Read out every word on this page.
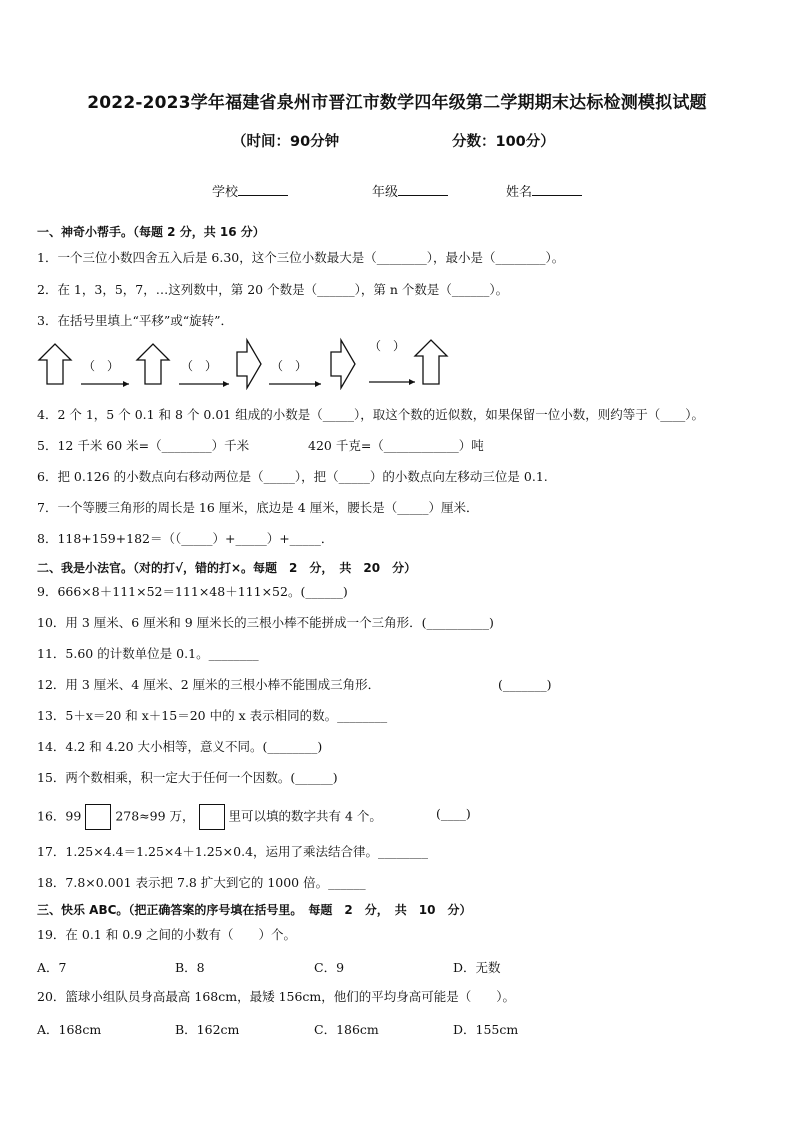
2022-2023学年福建省泉州市晋江市数学四年级第二学期期末达标检测模拟试题
（时间：90分钟	分数：100分）
学校	年级	姓名
一、神奇小帮手。（每题 2 分，共 16 分）
1．一个三位小数四舍五入后是 6.30，这个三位小数最大是（________），最小是（________）。
2．在 1，3，5，7，…这列数中，第 20 个数是（______），第 n 个数是（______）。
3．在括号里填上“平移”或“旋转”．
（　）	（　）	（　）
（　）
4．2 个 1，5 个 0.1 和 8 个 0.01 组成的小数是（_____），取这个数的近似数，如果保留一位小数，则约等于（____）。
5．12 千米 60 米=（________）千米	420 千克=（____________）吨
6．把 0.126 的小数点向右移动两位是（_____），把（_____）的小数点向左移动三位是 0.1.
7．一个等腰三角形的周长是 16 厘米，底边是 4 厘米，腰长是（_____）厘米．
8．118+159+182＝（（_____）+_____）+_____．
二、我是小法官。（对的打√，错的打×。每题　2　分，　共　20　分）
9．666×8＋111×52＝111×48＋111×52。(______)
10．用 3 厘米、6 厘米和 9 厘米长的三根小棒不能拼成一个三角形．(__________)
11．5.60 的计数单位是 0.1。________
12．用 3 厘米、4 厘米、2 厘米的三根小棒不能围成三角形．	(_______)
13．5＋x＝20 和 x＋15＝20 中的 x 表示相同的数。________
14．4.2 和 4.20 大小相等，意义不同。(________)
15．两个数相乘，积一定大于任何一个因数。(______)
16．99	278≈99 万，	里可以填的数字共有 4 个。	(____)
17．1.25×4.4＝1.25×4＋1.25×0.4，运用了乘法结合律。________
18．7.8×0.001 表示把 7.8 扩大到它的 1000 倍。______
三、快乐 ABC。（把正确答案的序号填在括号里。　每题　2　分，　共　10　分）
19．在 0.1 和 0.9 之间的小数有（　　）个。
A．7	B．8	C．9	D．无数
20．篮球小组队员身高最高 168cm，最矮 156cm，他们的平均身高可能是（　　）。
A．168cm	B．162cm	C．186cm	D．155cm
